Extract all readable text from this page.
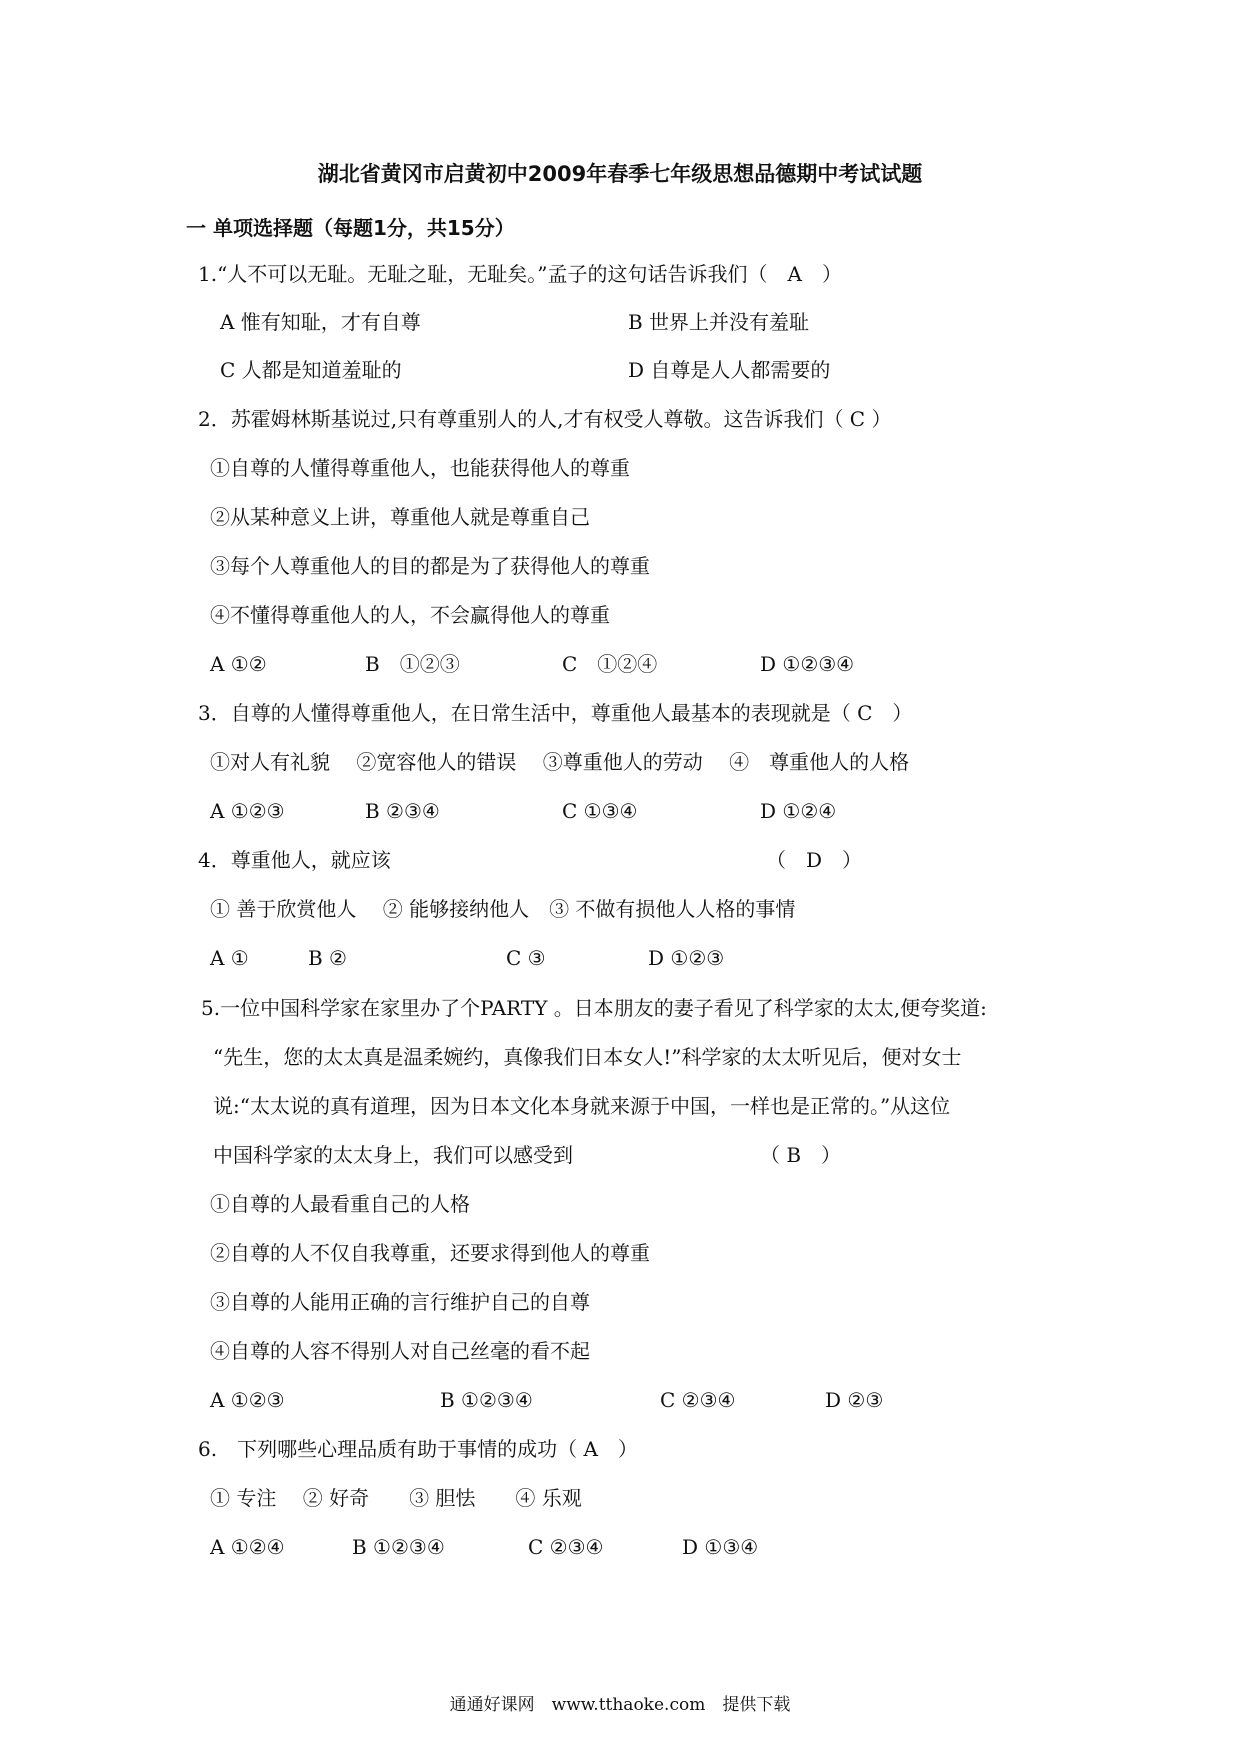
湖北省黄冈市启黄初中2009年春季七年级思想品德期中考试试题
一 单项选择题（每题1分，共15分）
1.“人不可以无耻。无耻之耻，无耻矣。”孟子的这句话告诉我们（　A　）
A 惟有知耻，才有自尊	B 世界上并没有羞耻
C 人都是知道羞耻的	D 自尊是人人都需要的
2．苏霍姆林斯基说过,只有尊重别人的人,才有权受人尊敬。这告诉我们（ C ）
①自尊的人懂得尊重他人，也能获得他人的尊重
②从某种意义上讲，尊重他人就是尊重自己
③每个人尊重他人的目的都是为了获得他人的尊重
④不懂得尊重他人的人，不会赢得他人的尊重
A ①②	B　①②③	C　①②④	D ①②③④
3．自尊的人懂得尊重他人，在日常生活中，尊重他人最基本的表现就是（ C　）
①对人有礼貌　 ②宽容他人的错误　 ③尊重他人的劳动　 ④　尊重他人的人格
A ①②③	B ②③④	C ①③④	D ①②④
4．尊重他人，就应该	（　D　）
① 善于欣赏他人　 ② 能够接纳他人　③ 不做有损他人人格的事情
A ①	B ②	C ③	D ①②③
5.一位中国科学家在家里办了个PARTY 。日本朋友的妻子看见了科学家的太太,便夸奖道:
“先生，您的太太真是温柔婉约，真像我们日本女人!”科学家的太太听见后，便对女士
说:“太太说的真有道理，因为日本文化本身就来源于中国，一样也是正常的。”从这位
中国科学家的太太身上，我们可以感受到	（ B　）
①自尊的人最看重自己的人格
②自尊的人不仅自我尊重，还要求得到他人的尊重
③自尊的人能用正确的言行维护自己的自尊
④自尊的人容不得别人对自己丝毫的看不起
A ①②③	B ①②③④	C ②③④	D ②③
6.　下列哪些心理品质有助于事情的成功（ A　）
① 专注　 ② 好奇　　③ 胆怯　　④ 乐观
A ①②④	B ①②③④	C ②③④	D ①③④
通通好课网　www.tthaoke.com　提供下载
